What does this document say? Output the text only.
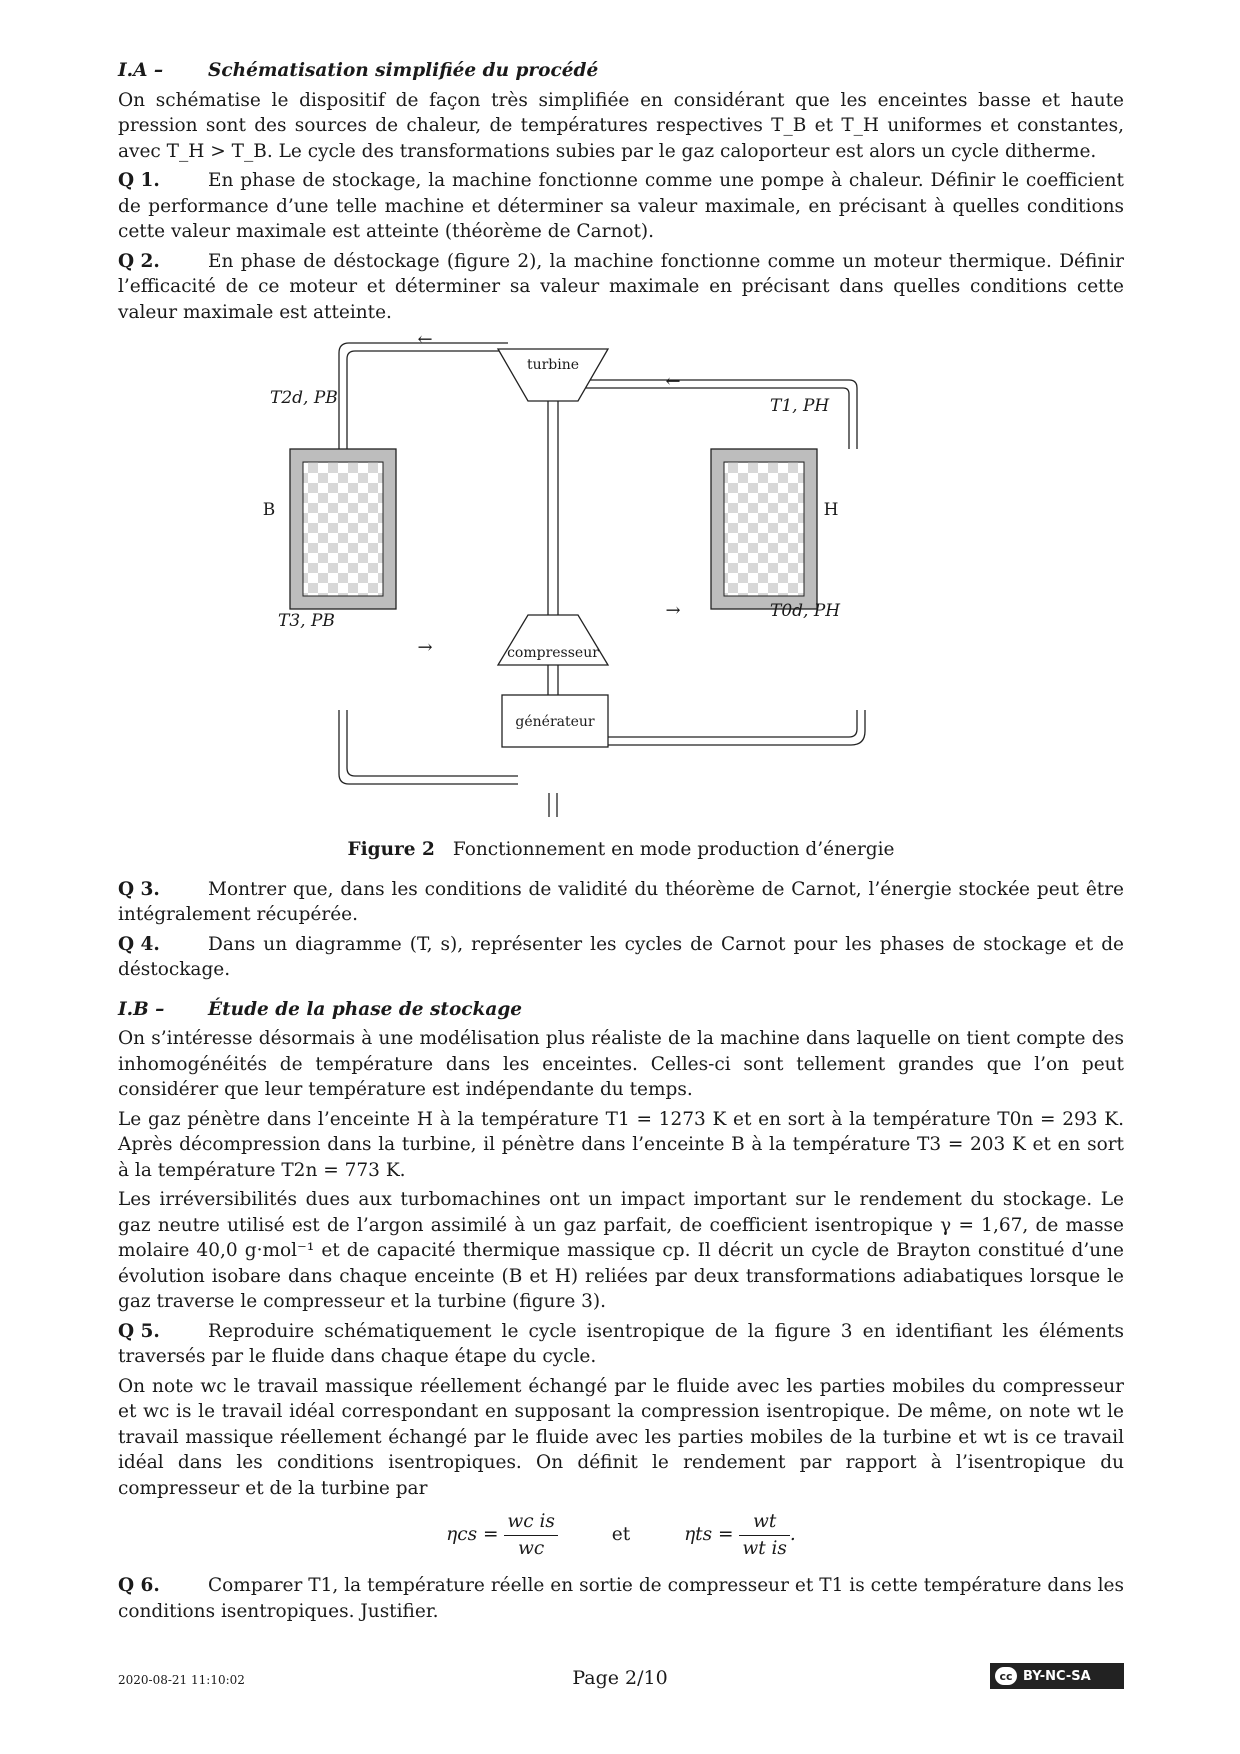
I.A – Schématisation simplifiée du procédé

On schématise le dispositif de façon très simplifiée en considérant que les enceintes basse et haute pression sont des sources de chaleur, de températures respectives T_B et T_H uniformes et constantes, avec T_H > T_B. Le cycle des transformations subies par le gaz caloporteur est alors un cycle ditherme.

Q 1.	En phase de stockage, la machine fonctionne comme une pompe à chaleur. Définir le coefficient de performance d’une telle machine et déterminer sa valeur maximale, en précisant à quelles conditions cette valeur maximale est atteinte (théorème de Carnot).

Q 2.	En phase de déstockage (figure 2), la machine fonctionne comme un moteur thermique. Définir l’efficacité de ce moteur et déterminer sa valeur maximale en précisant dans quelles conditions cette valeur maximale est atteinte.

turbine
compresseur
générateur
B	H
T2d, PB
T3, PB
T1, PH
T0d, PH
←
←
→
→
Figure 2 Fonctionnement en mode production d’énergie

Q 3.	Montrer que, dans les conditions de validité du théorème de Carnot, l’énergie stockée peut être intégralement récupérée.

Q 4.	Dans un diagramme (T, s), représenter les cycles de Carnot pour les phases de stockage et de déstockage.

I.B – Étude de la phase de stockage

On s’intéresse désormais à une modélisation plus réaliste de la machine dans laquelle on tient compte des inhomogénéités de température dans les enceintes. Celles-ci sont tellement grandes que l’on peut considérer que leur température est indépendante du temps.

Le gaz pénètre dans l’enceinte H à la température T1 = 1273 K et en sort à la température T0n = 293 K. Après décompression dans la turbine, il pénètre dans l’enceinte B à la température T3 = 203 K et en sort à la température T2n = 773 K.

Les irréversibilités dues aux turbomachines ont un impact important sur le rendement du stockage. Le gaz neutre utilisé est de l’argon assimilé à un gaz parfait, de coefficient isentropique γ = 1,67, de masse molaire 40,0 g·mol⁻¹ et de capacité thermique massique cp. Il décrit un cycle de Brayton constitué d’une évolution isobare dans chaque enceinte (B et H) reliées par deux transformations adiabatiques lorsque le gaz traverse le compresseur et la turbine (figure 3).

Q 5.	Reproduire schématiquement le cycle isentropique de la figure 3 en identifiant les éléments traversés par le fluide dans chaque étape du cycle.

On note wc le travail massique réellement échangé par le fluide avec les parties mobiles du compresseur et wc is le travail idéal correspondant en supposant la compression isentropique. De même, on note wt le travail massique réellement échangé par le fluide avec les parties mobiles de la turbine et wt is ce travail idéal dans les conditions isentropiques. On définit le rendement par rapport à l’isentropique du compresseur et de la turbine par

$\eta cs = \frac{\text{wc is}}{wc}$	et	$\eta ts = \frac{wt}{\text{wt is}}$ .

Q 6.	Comparer T1, la température réelle en sortie de compresseur et T1 is cette température dans les conditions isentropiques. Justifier.

2020-08-21 11:10:02	Page 2/10	cc BY-NC-SA
